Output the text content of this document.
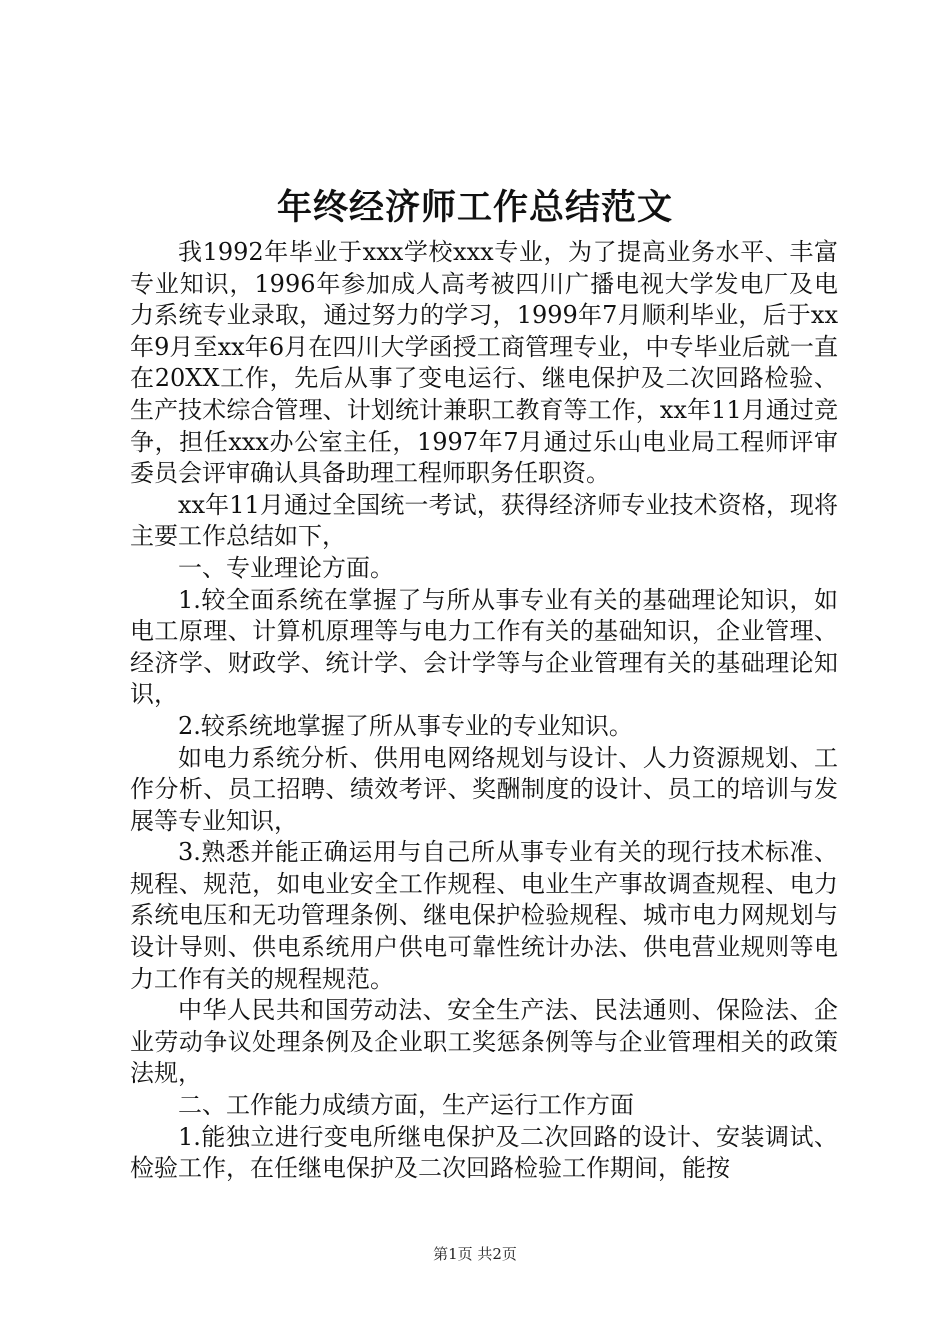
年终经济师工作总结范文

我1992年毕业于xxx学校xxx专业，为了提高业务水平、丰富专业知识，1996年参加成人高考被四川广播电视大学发电厂及电力系统专业录取，通过努力的学习，1999年7月顺利毕业，后于xx年9月至xx年6月在四川大学函授工商管理专业，中专毕业后就一直在20XX工作，先后从事了变电运行、继电保护及二次回路检验、生产技术综合管理、计划统计兼职工教育等工作，xx年11月通过竞争，担任xxx办公室主任，1997年7月通过乐山电业局工程师评审委员会评审确认具备助理工程师职务任职资。

xx年11月通过全国统一考试，获得经济师专业技术资格，现将主要工作总结如下，

一、专业理论方面。

1.较全面系统在掌握了与所从事专业有关的基础理论知识，如电工原理、计算机原理等与电力工作有关的基础知识，企业管理、经济学、财政学、统计学、会计学等与企业管理有关的基础理论知识，

2.较系统地掌握了所从事专业的专业知识。

如电力系统分析、供用电网络规划与设计、人力资源规划、工作分析、员工招聘、绩效考评、奖酬制度的设计、员工的培训与发展等专业知识，

3.熟悉并能正确运用与自己所从事专业有关的现行技术标准、规程、规范，如电业安全工作规程、电业生产事故调查规程、电力系统电压和无功管理条例、继电保护检验规程、城市电力网规划与设计导则、供电系统用户供电可靠性统计办法、供电营业规则等电力工作有关的规程规范。

中华人民共和国劳动法、安全生产法、民法通则、保险法、企业劳动争议处理条例及企业职工奖惩条例等与企业管理相关的政策法规，

二、工作能力成绩方面，生产运行工作方面

1.能独立进行变电所继电保护及二次回路的设计、安装调试、检验工作，在任继电保护及二次回路检验工作期间，能按

第1页 共2页
